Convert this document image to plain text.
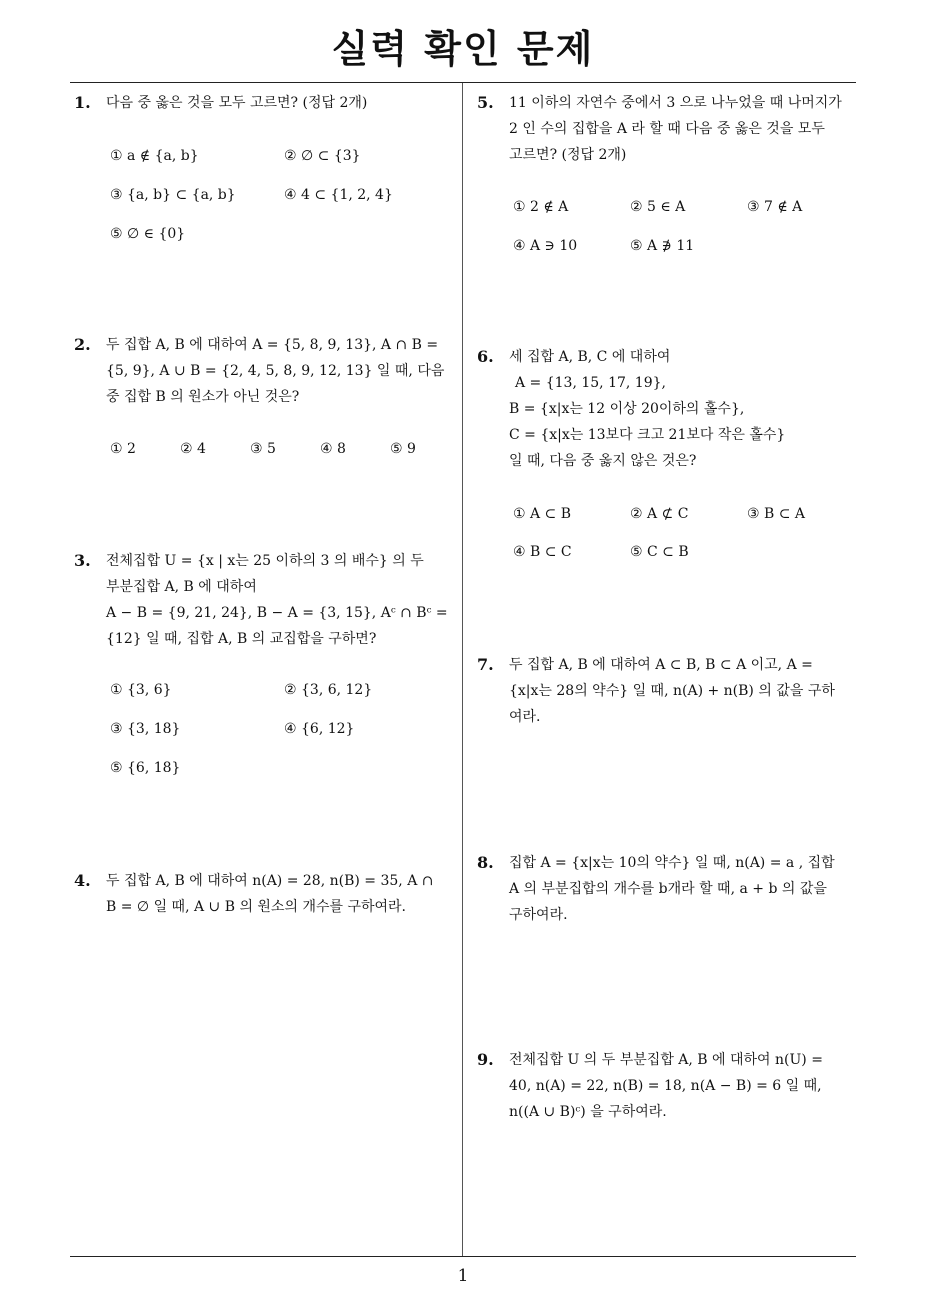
실력 확인 문제
1
1. 다음 중 옳은 것을 모두 고르면? (정답 2개)
① a ∉ {a, b}	② ∅ ⊂ {3}
③ {a, b} ⊂ {a, b}	④ 4 ⊂ {1, 2, 4}
⑤ ∅ ∈ {0}
2. 두 집합 A, B 에 대하여 A = {5, 8, 9, 13}, A ∩ B =
{5, 9}, A ∪ B = {2, 4, 5, 8, 9, 12, 13} 일 때, 다음
중 집합 B 의 원소가 아닌 것은?
① 2	② 4	③ 5	④ 8	⑤ 9
3. 전체집합 U = {x | x는 25 이하의 3 의 배수} 의 두
부분집합 A, B 에 대하여
A − B = {9, 21, 24}, B − A = {3, 15}, Aᶜ ∩ Bᶜ =
{12} 일 때, 집합 A, B 의 교집합을 구하면?
① {3, 6}	② {3, 6, 12}
③ {3, 18}	④ {6, 12}
⑤ {6, 18}
4. 두 집합 A, B 에 대하여 n(A) = 28, n(B) = 35, A ∩
B = ∅ 일 때, A ∪ B 의 원소의 개수를 구하여라.
5. 11 이하의 자연수 중에서 3 으로 나누었을 때 나머지가
2 인 수의 집합을 A 라 할 때 다음 중 옳은 것을 모두
고르면? (정답 2개)
① 2 ∉ A	② 5 ∈ A	③ 7 ∉ A
④ A ∋ 10	⑤ A ∌ 11
6. 세 집합 A, B, C 에 대하여
A = {13, 15, 17, 19},
B = {x|x는 12 이상 20이하의 홀수},
C = {x|x는 13보다 크고 21보다 작은 홀수}
일 때, 다음 중 옳지 않은 것은?
① A ⊂ B	② A ⊄ C	③ B ⊂ A
④ B ⊂ C	⑤ C ⊂ B
7. 두 집합 A, B 에 대하여 A ⊂ B, B ⊂ A 이고, A =
{x|x는 28의 약수} 일 때, n(A) + n(B) 의 값을 구하
여라.
8. 집합 A = {x|x는 10의 약수} 일 때, n(A) = a , 집합
A 의 부분집합의 개수를 b개라 할 때, a + b 의 값을
구하여라.
9. 전체집합 U 의 두 부분집합 A, B 에 대하여 n(U) =
40, n(A) = 22, n(B) = 18, n(A − B) = 6 일 때,
n((A ∪ B)ᶜ) 을 구하여라.
